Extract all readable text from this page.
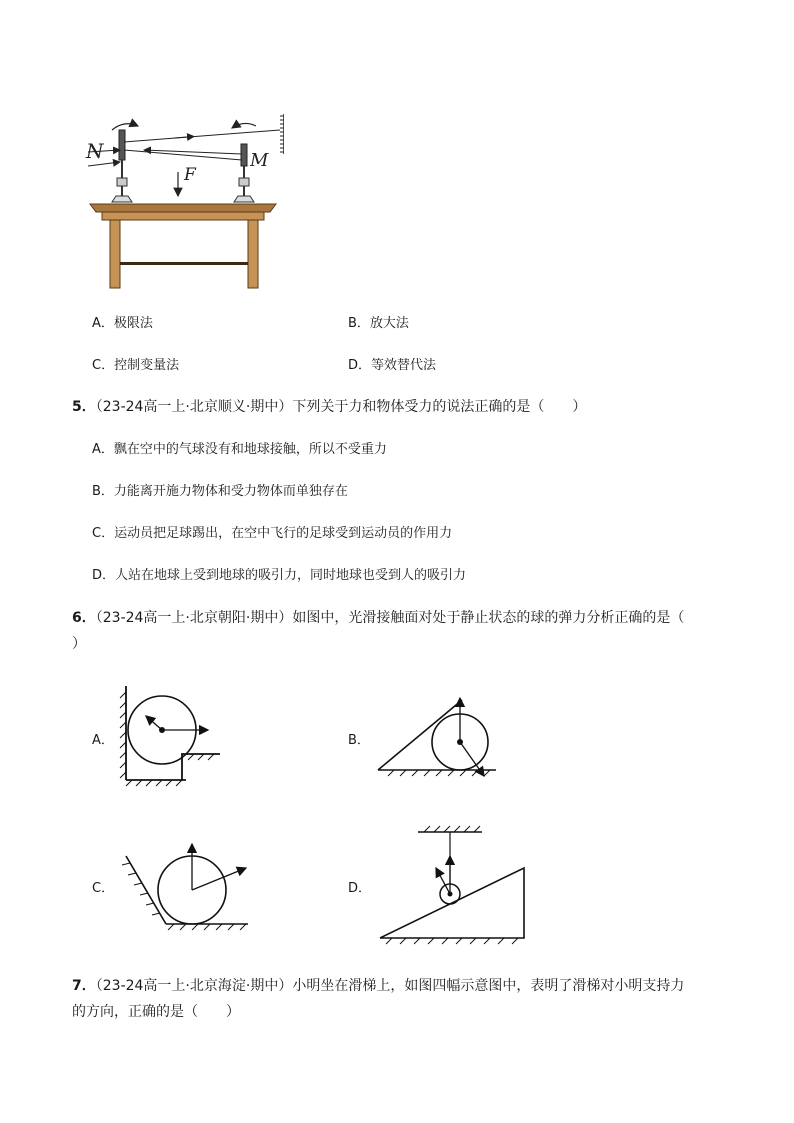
N	M
F
A．极限法	B．放大法
C．控制变量法	D．等效替代法
5．（23-24高一上·北京顺义·期中）下列关于力和物体受力的说法正确的是（　　）
A．飘在空中的气球没有和地球接触，所以不受重力
B．力能离开施力物体和受力物体而单独存在
C．运动员把足球踢出，在空中飞行的足球受到运动员的作用力
D．人站在地球上受到地球的吸引力，同时地球也受到人的吸引力
6．（23-24高一上·北京朝阳·期中）如图中，光滑接触面对处于静止状态的球的弹力分析正确的是（
）
A．	B．
C．	D．
7．（23-24高一上·北京海淀·期中）小明坐在滑梯上，如图四幅示意图中，表明了滑梯对小明支持力
的方向，正确的是（　　）
